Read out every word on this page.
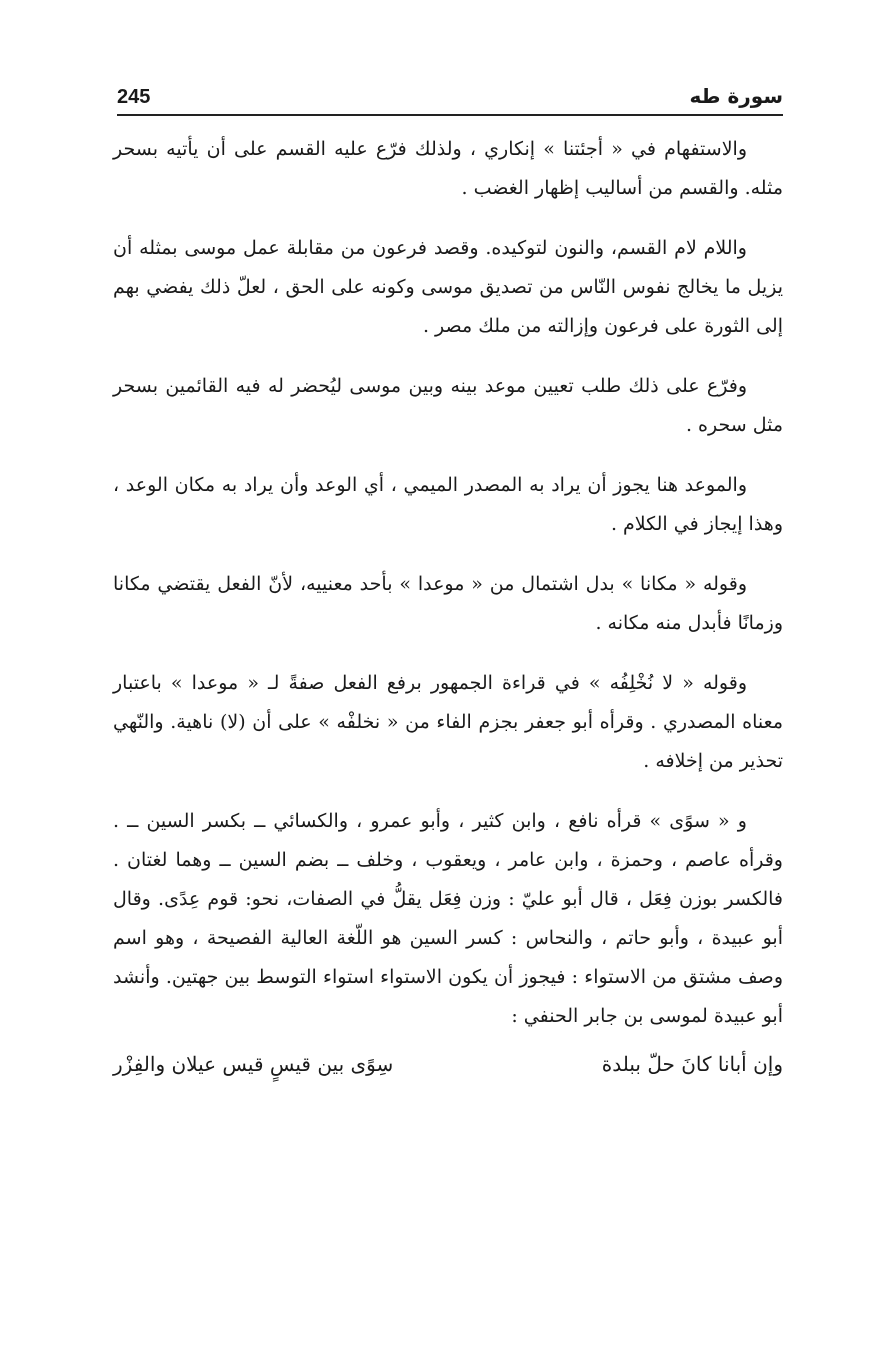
245	سورة طه

والاستفهام في « أجئتنا » إنكاري ، ولذلك فرّع عليه القسم على أن يأتيه بسحر مثله. والقسم من أساليب إظهار الغضب .

واللام لام القسم، والنون لتوكيده. وقصد فرعون من مقابلة عمل موسى بمثله أن يزيل ما يخالج نفوس النّاس من تصديق موسى وكونه على الحق ، لعلّ ذلك يفضي بهم إلى الثورة على فرعون وإزالته من ملك مصر .

وفرّع على ذلك طلب تعيين موعد بينه وبين موسى ليُحضر له فيه القائمين بسحر مثل سحره .

والموعد هنا يجوز أن يراد به المصدر الميمي ، أي الوعد وأن يراد به مكان الوعد ، وهذا إيجاز في الكلام .

وقوله « مكانا » بدل اشتمال من « موعدا » بأحد معنييه، لأنّ الفعل يقتضي مكانا وزمانًا فأبدل منه مكانه .

وقوله « لا نُخْلِفُه » في قراءة الجمهور برفع الفعل صفةً لـ « موعدا » باعتبار معناه المصدري . وقرأه أبو جعفر بجزم الفاء من « نخلفْه » على أن (لا) ناهية. والنّهي تحذير من إخلافه .

و « سوًى » قرأه نافع ، وابن كثير ، وأبو عمرو ، والكسائي ــ بكسر السين ــ . وقرأه عاصم ، وحمزة ، وابن عامر ، ويعقوب ، وخلف ــ بضم السين ــ وهما لغتان . فالكسر بوزن فِعَل ، قال أبو عليّ : وزن فِعَل يقلُّ في الصفات، نحو: قوم عِدًى. وقال أبو عبيدة ، وأبو حاتم ، والنحاس : كسر السين هو اللّغة العالية الفصيحة ، وهو اسم وصف مشتق من الاستواء : فيجوز أن يكون الاستواء استواء التوسط بين جهتين. وأنشد أبو عبيدة لموسى بن جابر الحنفي :

وإن أبانا كانَ حلّ ببلدة
سِوًى بين قيسٍ قيس عيلان والفِزْر
